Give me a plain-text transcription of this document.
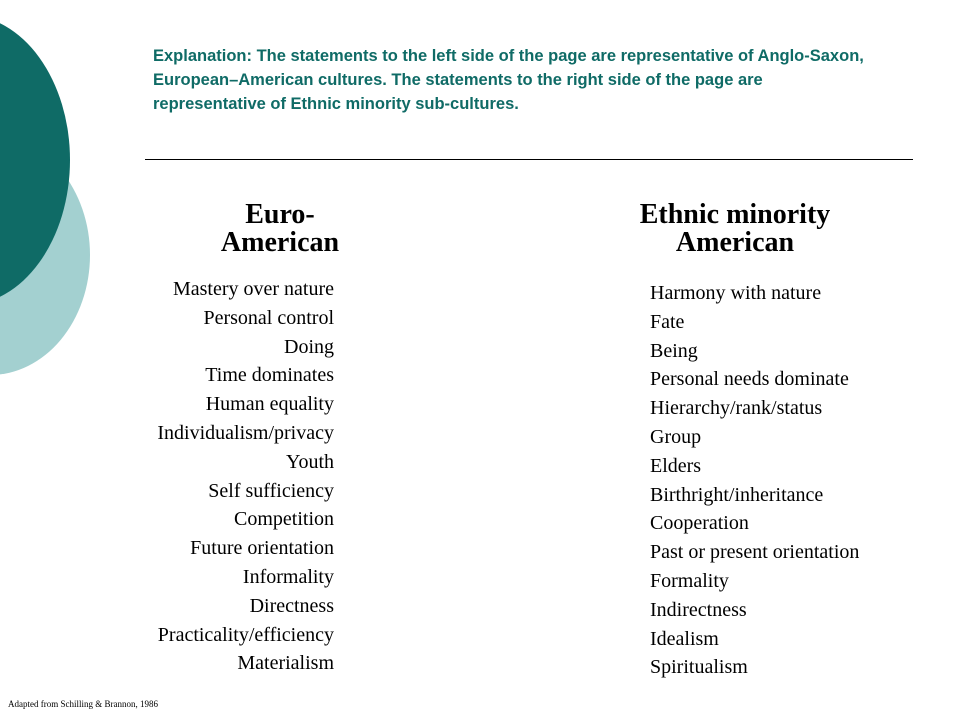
Explanation: The statements to the left side of the page are representative of Anglo-Saxon, European–American cultures. The statements to the right side of the page are representative of Ethnic minority sub-cultures.

Euro-
American
Ethnic minority
American
Mastery over nature
Personal control
Doing
Time dominates
Human equality
Individualism/privacy
Youth
Self sufficiency
Competition
Future orientation
Informality
Directness
Practicality/efficiency
Materialism
Harmony with nature
Fate
Being
Personal needs dominate
Hierarchy/rank/status
Group
Elders
Birthright/inheritance
Cooperation
Past or present orientation
Formality
Indirectness
Idealism
Spiritualism

Adapted from Schilling & Brannon, 1986
